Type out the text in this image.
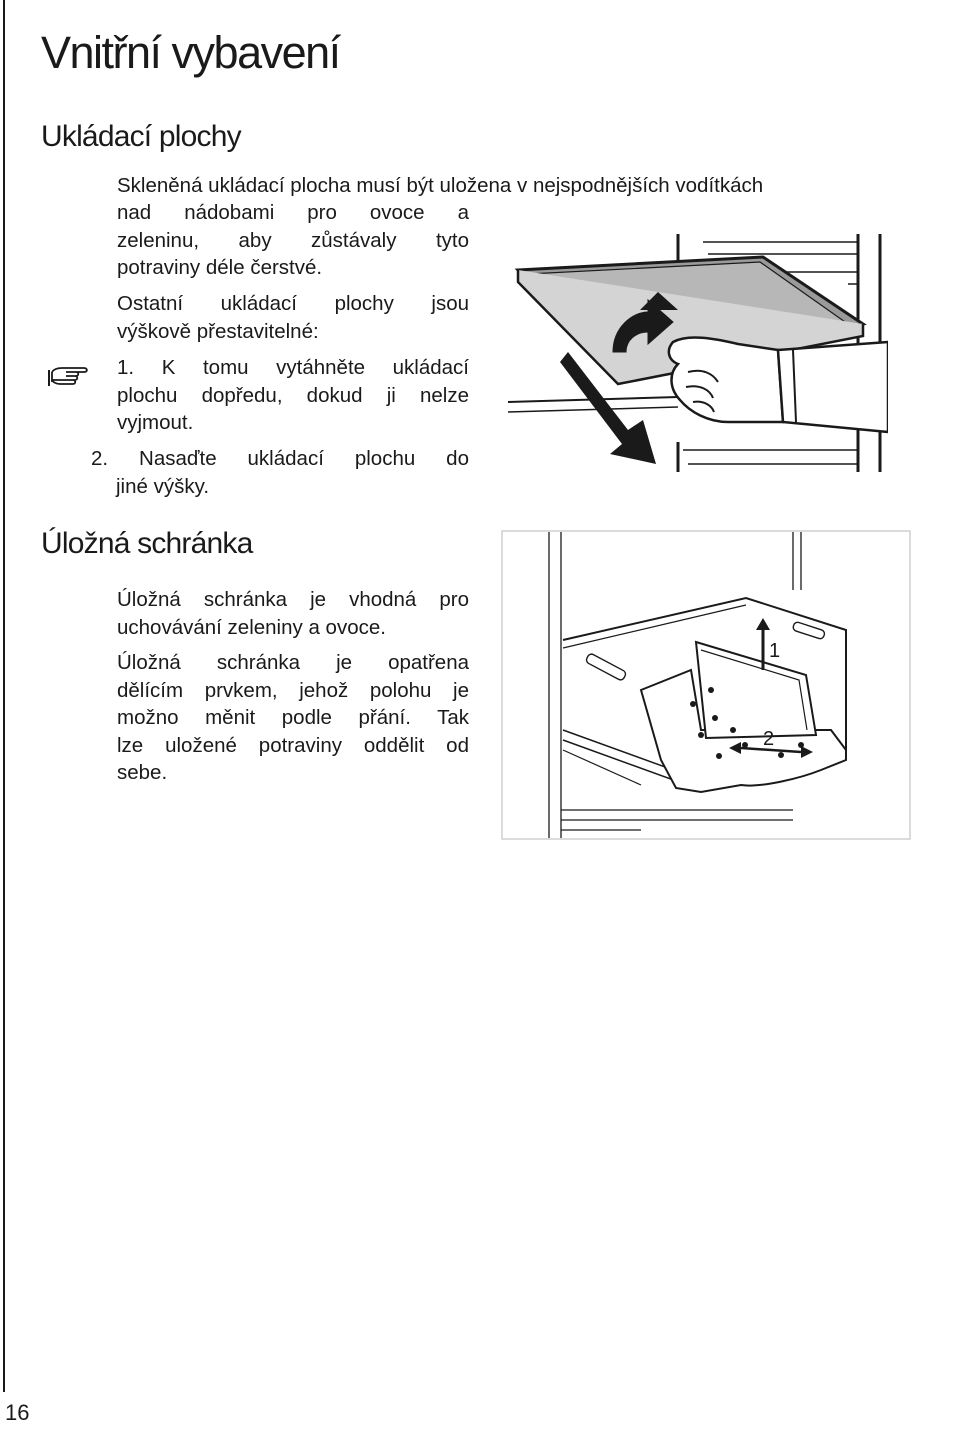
Vnitřní vybavení
Ukládací plochy

Skleněná ukládací plocha musí být uložena v nejspodnějších vodítkách

nad nádobami pro ovoce a
zeleninu, aby zůstávaly tyto
potraviny déle čerstvé.
Ostatní ukládací plochy jsou
výškově přestavitelné:
1. K tomu vytáhněte ukládací
plochu dopředu, dokud ji nelze
vyjmout.
2. Nasaďte ukládací plochu do
jiné výšky.
Úložná schránka
Úložná schránka je vhodná pro
uchovávání zeleniny a ovoce.
Úložná schránka je opatřena
dělícím prvkem, jehož polohu je
možno měnit podle přání. Tak
lze uložené potraviny oddělit od
sebe.
1
2

16
